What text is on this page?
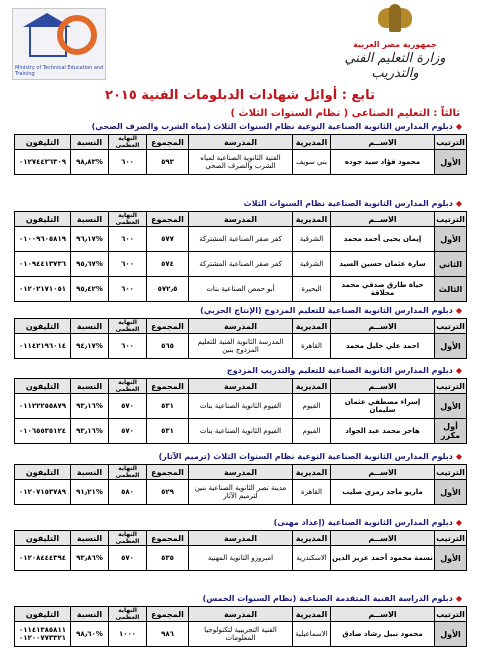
Ministry of Technical Education and Training
جمهورية مصر العربية
وزارة التعليم الفني والتدريب
تابع : أوائل شهادات الدبلومات الفنية ٢٠١٥
ثالثاً : التعليم الصناعى ( نظام السنوات الثلاث )
◆دبلوم المدارس الثانوية الصناعية النوعية نظام السنوات الثلاث (مياه الشرب والصرف الصحي)
الترتيب	الاســم	المديرية	المدرسة	المجموع	النهاية العظمى	النسبة	التليفون
الأول	محمود فؤاد سيد جوده	بني سويف	الفنية الثانوية الصناعية لمياه الشرب والصرف الصحى	٥٩٣	٦٠٠	%٩٨٫٨٣	٠١٢٧٤٤٣٦٣٠٩
◆دبلوم المدارس الثانوية الصناعية نظام السنوات الثلاث
الترتيب	الاســم	المديرية	المدرسة	المجموع	النهاية العظمى	النسبة	التليفون
الأول	إيمان يحيى أحمد محمد	الشرقية	كفر صقر الصناعية المشتركة	٥٧٧	٦٠٠	%٩٦٫١٧	٠١٠٠٩٦٠٥٨١٩
الثاني	سارة عثمان حسين السيد	الشرقية	كفر صقر الصناعية المشتركة	٥٧٤	٦٠٠	%٩٥٫٦٧	٠١٠٩٤٤١٣٧٣٦
الثالث	حياة طارق صدقي محمد محلاقة	البحيرة	أبو حمص الصناعية بنات	٥٧٢٫٥	٦٠٠	%٩٥٫٤٢	٠١٢٠٢١٧١٠٥١
◆دبلوم المدارس الثانوية الصناعية للتعليم المزدوج (الإنتاج الحربي)
الترتيب	الاســم	المديرية	المدرسة	المجموع	النهاية العظمى	النسبة	التليفون
الأول	احمد علي خليل محمد	القاهرة	المدرسة الثانوية الفنية للتعليم المزدوج بنين	٥٦٥	٦٠٠	%٩٤٫١٧	٠١١٤٢١٩٦٠١٤
◆دبلوم المدارس الثانوية الصناعية للتعليم والتدريب المزدوج
الترتيب	الاســم	المديرية	المدرسة	المجموع	النهاية العظمى	النسبة	التليفون
الأول	إسراء مصطفي عثمان سليمان	الفيوم	الفيوم الثانوية الصناعية بنات	٥٣١	٥٧٠	%٩٣٫١٦	٠١١٢٢٢٥٥٨٧٩
أول مكرر	هاجر محمد عبد الجواد	الفيوم	الفيوم الثانوية الصناعية بنات	٥٣١	٥٧٠	%٩٣٫١٦	٠١٠٦٥٥٣٥١٢٤
◆دبلوم المدارس الثانوية الصناعية النوعية نظام السنوات الثلاث (ترميم الآثار)
الترتيب	الاســم	المديرية	المدرسة	المجموع	النهاية العظمى	النسبة	التليفون
الأول	ماريو ماجد رمزي صليب	القاهرة	مدينة نصر الثانوية الصناعية بنين لترميم الآثار	٥٢٩	٥٨٠	%٩١٫٢١	٠١٢٠٧١٥٣٧٨٩
◆دبلوم المدارس الثانوية الصناعية (إعداد مهنى)
الترتيب	الاســم	المديرية	المدرسة	المجموع	النهاية العظمى	النسبة	التليفون
الأول	نسمة محمود أحمد عزيز الدين	الاسكندرية	امبروزو الثانوية المهنية	٥٣٥	٥٧٠	%٩٣٫٨٦	٠١٢٠٨٤٤٤٣٩٤
◆دبلوم الدراسة الفنية المتقدمة الصناعية (نظام السنوات الخمس)
الترتيب	الاســم	المديرية	المدرسة	المجموع	النهاية العظمى	النسبة	التليفون
الأول	محمود نبيل رشاد صادق	الاسماعيلية	الفنية التجريبية لتكنولوجيا المعلومات	٩٨٦	١٠٠٠	%٩٨٫٦٠	٠١١٤١٣٨٥٨١١ ٠١٢٠٠٧٧٣٣٢١
